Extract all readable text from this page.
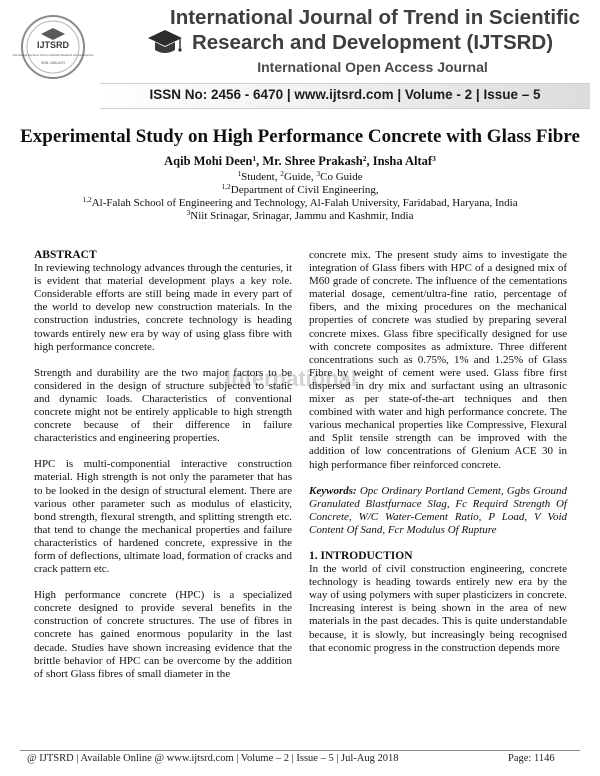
IJTSRD
International Journal of Trend in Scientific Research and Development
ISSN: 2456-6470
International Journal of Trend in Scientific
Research and Development (IJTSRD)
International Open Access Journal
ISSN No: 2456 - 6470 | www.ijtsrd.com | Volume - 2 | Issue – 5
Experimental Study on High Performance Concrete with Glass Fibre
Aqib Mohi Deen$^1$, Mr. Shree Prakash$^2$, Insha Altaf$^3$
$^1$Student, $^2$Guide, $^3$Co Guide
$^{1,2}$Department of Civil Engineering,
$^{1,2}$Al-Falah School of Engineering and Technology, Al-Falah University, Faridabad, Haryana, India
$^3$Niit Srinagar, Srinagar, Jammu and Kashmir, India
International
ABSTRACT

In reviewing technology advances through the centuries, it is evident that material development plays a key role. Considerable efforts are still being made in every part of the world to develop new construction materials. In the construction industries, concrete technology is heading towards entirely new era by way of using glass fibre with high performance concrete.

Strength and durability are the two major factors to be considered in the design of structure subjected to static and dynamic loads. Characteristics of conventional concrete might not be entirely applicable to high strength concrete because of their difference in failure characteristics and engineering properties.

HPC is multi-componential interactive construction material. High strength is not only the parameter that has to be looked in the design of structural element. There are various other parameter such as modulus of elasticity, bond strength, flexural strength, and splitting strength etc. that tend to change the mechanical properties and failure characteristics of hardened concrete, expressive in the form of deflections, ultimate load, formation of cracks and crack pattern etc.

High performance concrete (HPC) is a specialized concrete designed to provide several benefits in the construction of concrete structures. The use of fibres in concrete has gained enormous popularity in the last decade. Studies have shown increasing evidence that the brittle behavior of HPC can be overcome by the addition of short Glass fibres of small diameter in the

concrete mix. The present study aims to investigate the integration of Glass fibers with HPC of a designed mix of M60 grade of concrete. The influence of the cementations material dosage, cement/ultra-fine ratio, percentage of fibers, and the mixing procedures on the mechanical properties of concrete was studied by preparing several concrete mixes. Glass fibre specifically designed for use with concrete composites as admixture. Three different concentrations such as 0.75%, 1% and 1.25% of Glass Fibre by weight of cement were used. Glass fibre first dispersed in dry mix and surfactant using an ultrasonic mixer as per state-of-the-art techniques and then combined with water and high performance concrete. The various mechanical properties like Compressive, Flexural and Split tensile strength can be improved with the addition of low concentrations of Glenium ACE 30 in high performance fiber reinforced concrete.

Keywords: Opc Ordinary Portland Cement, Ggbs Ground Granulated Blastfurnace Slag, Fc Requird Strength Of Concrete, W/C Water-Cement Ratio, P Load, V Void Content Of Sand, Fcr Modulus Of Rupture

1. INTRODUCTION

In the world of civil construction engineering, concrete technology is heading towards entirely new era by the way of using polymers with super plasticizers in concrete. Increasing interest is being shown in the area of new materials in the past decades. This is quite understandable because, it is slowly, but increasingly being recognised that economic progress in the construction depends more

@ IJTSRD | Available Online @ www.ijtsrd.com | Volume – 2 | Issue – 5 | Jul-Aug 2018	Page: 1146
